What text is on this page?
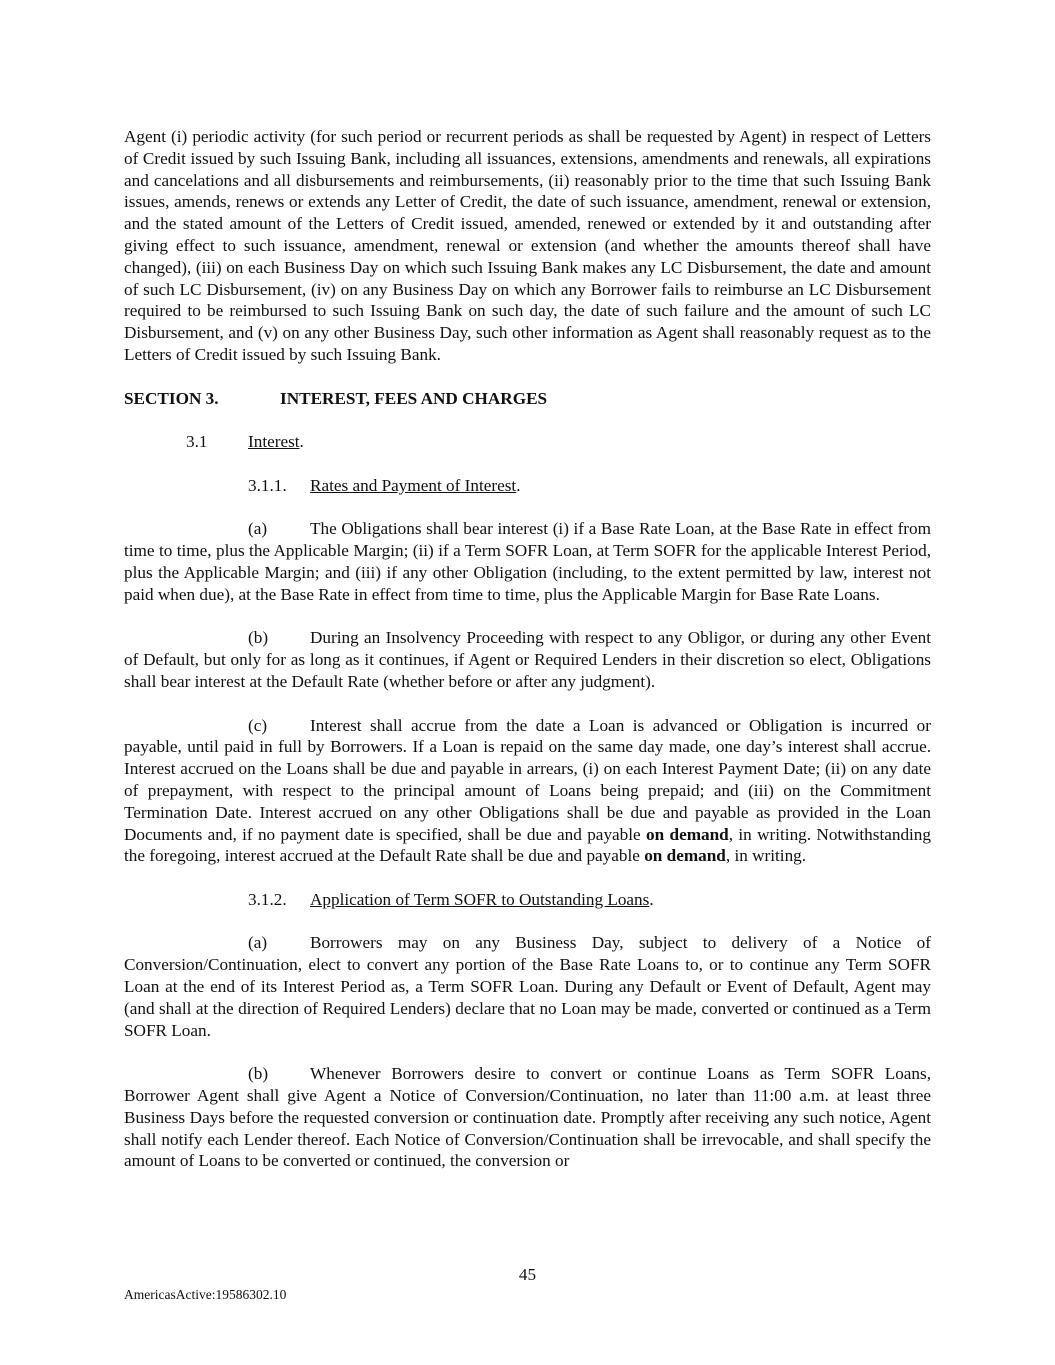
Agent (i) periodic activity (for such period or recurrent periods as shall be requested by Agent) in respect of Letters of Credit issued by such Issuing Bank, including all issuances, extensions, amendments and renewals, all expirations and cancelations and all disbursements and reimbursements, (ii) reasonably prior to the time that such Issuing Bank issues, amends, renews or extends any Letter of Credit, the date of such issuance, amendment, renewal or extension, and the stated amount of the Letters of Credit issued, amended, renewed or extended by it and outstanding after giving effect to such issuance, amendment, renewal or extension (and whether the amounts thereof shall have changed), (iii) on each Business Day on which such Issuing Bank makes any LC Disbursement, the date and amount of such LC Disbursement, (iv) on any Business Day on which any Borrower fails to reimburse an LC Disbursement required to be reimbursed to such Issuing Bank on such day, the date of such failure and the amount of such LC Disbursement, and (v) on any other Business Day, such other information as Agent shall reasonably request as to the Letters of Credit issued by such Issuing Bank.

SECTION 3.	INTEREST, FEES AND CHARGES

3.1 Interest.

3.1.1. Rates and Payment of Interest.

(a) The Obligations shall bear interest (i) if a Base Rate Loan, at the Base Rate in effect from time to time, plus the Applicable Margin; (ii) if a Term SOFR Loan, at Term SOFR for the applicable Interest Period, plus the Applicable Margin; and (iii) if any other Obligation (including, to the extent permitted by law, interest not paid when due), at the Base Rate in effect from time to time, plus the Applicable Margin for Base Rate Loans.

(b) During an Insolvency Proceeding with respect to any Obligor, or during any other Event of Default, but only for as long as it continues, if Agent or Required Lenders in their discretion so elect, Obligations shall bear interest at the Default Rate (whether before or after any judgment).

(c) Interest shall accrue from the date a Loan is advanced or Obligation is incurred or payable, until paid in full by Borrowers. If a Loan is repaid on the same day made, one day’s interest shall accrue. Interest accrued on the Loans shall be due and payable in arrears, (i) on each Interest Payment Date; (ii) on any date of prepayment, with respect to the principal amount of Loans being prepaid; and (iii) on the Commitment Termination Date. Interest accrued on any other Obligations shall be due and payable as provided in the Loan Documents and, if no payment date is specified, shall be due and payable on demand, in writing. Notwithstanding the foregoing, interest accrued at the Default Rate shall be due and payable on demand, in writing.

3.1.2. Application of Term SOFR to Outstanding Loans.

(a) Borrowers may on any Business Day, subject to delivery of a Notice of Conversion/Continuation, elect to convert any portion of the Base Rate Loans to, or to continue any Term SOFR Loan at the end of its Interest Period as, a Term SOFR Loan. During any Default or Event of Default, Agent may (and shall at the direction of Required Lenders) declare that no Loan may be made, converted or continued as a Term SOFR Loan.

(b) Whenever Borrowers desire to convert or continue Loans as Term SOFR Loans, Borrower Agent shall give Agent a Notice of Conversion/Continuation, no later than 11:00 a.m. at least three Business Days before the requested conversion or continuation date. Promptly after receiving any such notice, Agent shall notify each Lender thereof. Each Notice of Conversion/Continuation shall be irrevocable, and shall specify the amount of Loans to be converted or continued, the conversion or

45
AmericasActive:19586302.10
